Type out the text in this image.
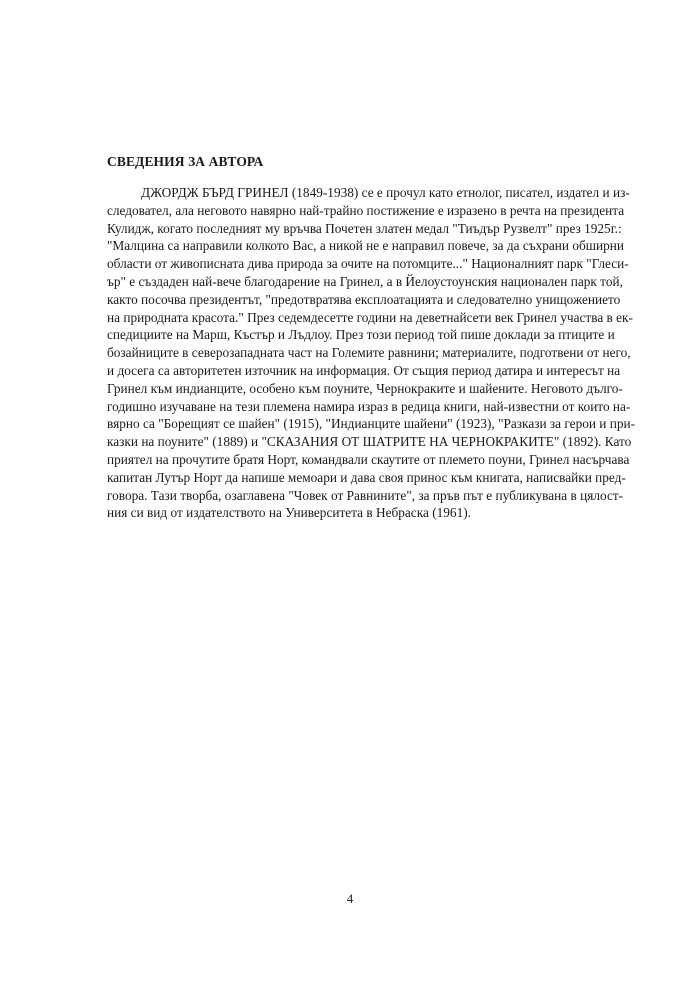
СВЕДЕНИЯ ЗА АВТОРА
ДЖОРДЖ БЪРД ГРИНЕЛ (1849-1938) се е прочул като етнолог, писател, издател и из-
следовател, ала неговото навярно най-трайно постижение е изразено в речта на президента
Кулидж, когато последният му връчва Почетен златен медал "Тиъдър Рузвелт" през 1925г.:
"Малцина са направили колкото Вас, а никой не е направил повече, за да съхрани обширни
области от живописната дива природа за очите на потомците..." Националният парк "Глеси-
ър" е създаден най-вече благодарение на Гринел, а в Йелоустоунския национален парк той,
както посочва президентът, "предотвратява експлоатацията и следователно унищожението
на природната красота." През седемдесетте години на деветнайсети век Гринел участва в ек-
спедициите на Марш, Къстър и Лъдлоу. През този период той пише доклади за птиците и
бозайниците в северозападната част на Големите равнини; материалите, подготвени от него,
и досега са авторитетен източник на информация. От същия период датира и интересът на
Гринел към индианците, особено към поуните, Чернокраките и шайените. Неговото дълго-
годишно изучаване на тези племена намира израз в редица книги, най-известни от които на-
вярно са "Борещият се шайен" (1915), "Индианците шайени" (1923), "Разкази за герои и при-
казки на поуните" (1889) и "СКАЗАНИЯ ОТ ШАТРИТЕ НА ЧЕРНОКРАКИТЕ" (1892). Като
приятел на прочутите братя Норт, командвали скаутите от племето поуни, Гринел насърчава
капитан Лутър Норт да напише мемоари и дава своя принос към книгата, написвайки пред-
говора. Тази творба, озаглавена "Човек от Равнините", за пръв път е публикувана в цялост-
ния си вид от издателството на Университета в Небраска (1961).

4
